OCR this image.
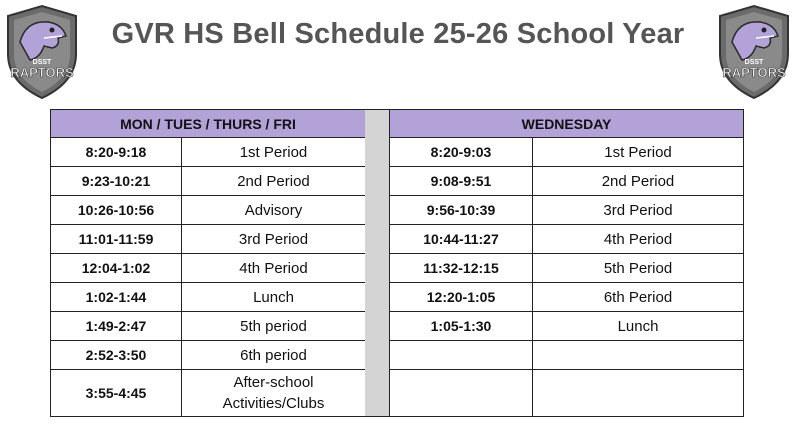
DSST
RAPTORS
GVR HS Bell Schedule 25-26 School Year
DSST
RAPTORS
MON / TUES / THURS / FRI	
8:20-9:18	1st Period
9:23-10:21	2nd Period
10:26-10:56	Advisory
11:01-11:59	3rd Period
12:04-1:02	4th Period
1:02-1:44	Lunch
1:49-2:47	5th period
2:52-3:50	6th period
3:55-4:45	After-school
Activities/Clubs
WEDNESDAY	
8:20-9:03	1st Period
9:08-9:51	2nd Period
9:56-10:39	3rd Period
10:44-11:27	4th Period
11:32-12:15	5th Period
12:20-1:05	6th Period
1:05-1:30	Lunch
